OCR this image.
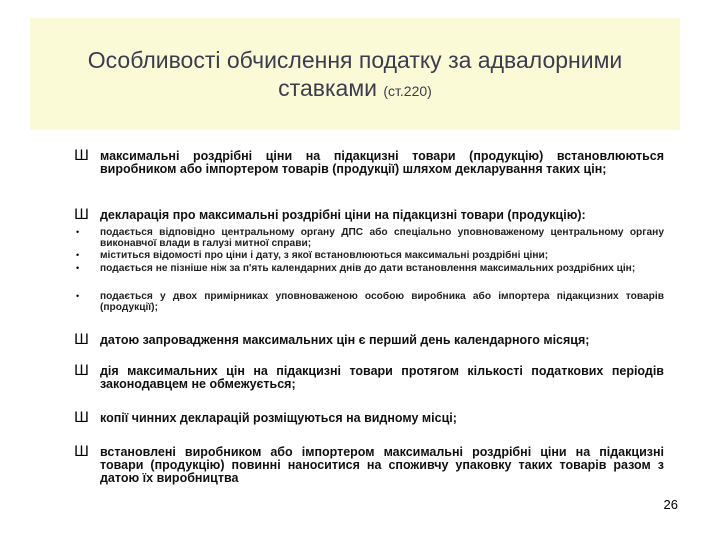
Особливості обчислення податку за адвалорними
ставками (ст.220)
Ш максимальні роздрібні ціни на підакцизні товари (продукцію) встановлюються виробником або імпортером товарів (продукції) шляхом декларування таких цін;
Ш декларація про максимальні роздрібні ціни на підакцизні товари (продукцію):
• подається відповідно центральному органу ДПС або спеціально уповноваженому центральному органу виконавчої влади в галузі митної справи;
• міститься відомості про ціни і дату, з якої встановлюються максимальні роздрібні ціни;
• подається не пізніше ніж за п'ять календарних днів до дати встановлення максимальних роздрібних цін;
• подається у двох примірниках уповноваженою особою виробника або імпортера підакцизних товарів (продукції);
Ш датою запровадження максимальних цін є перший день календарного місяця;
Ш дія максимальних цін на підакцизні товари протягом кількості податкових періодів законодавцем не обмежується;
Ш копії чинних декларацій розміщуються на видному місці;
Ш встановлені виробником або імпортером максимальні роздрібні ціни на підакцизні товари (продукцію) повинні наноситися на споживчу упаковку таких товарів разом з датою їх виробництва
26
